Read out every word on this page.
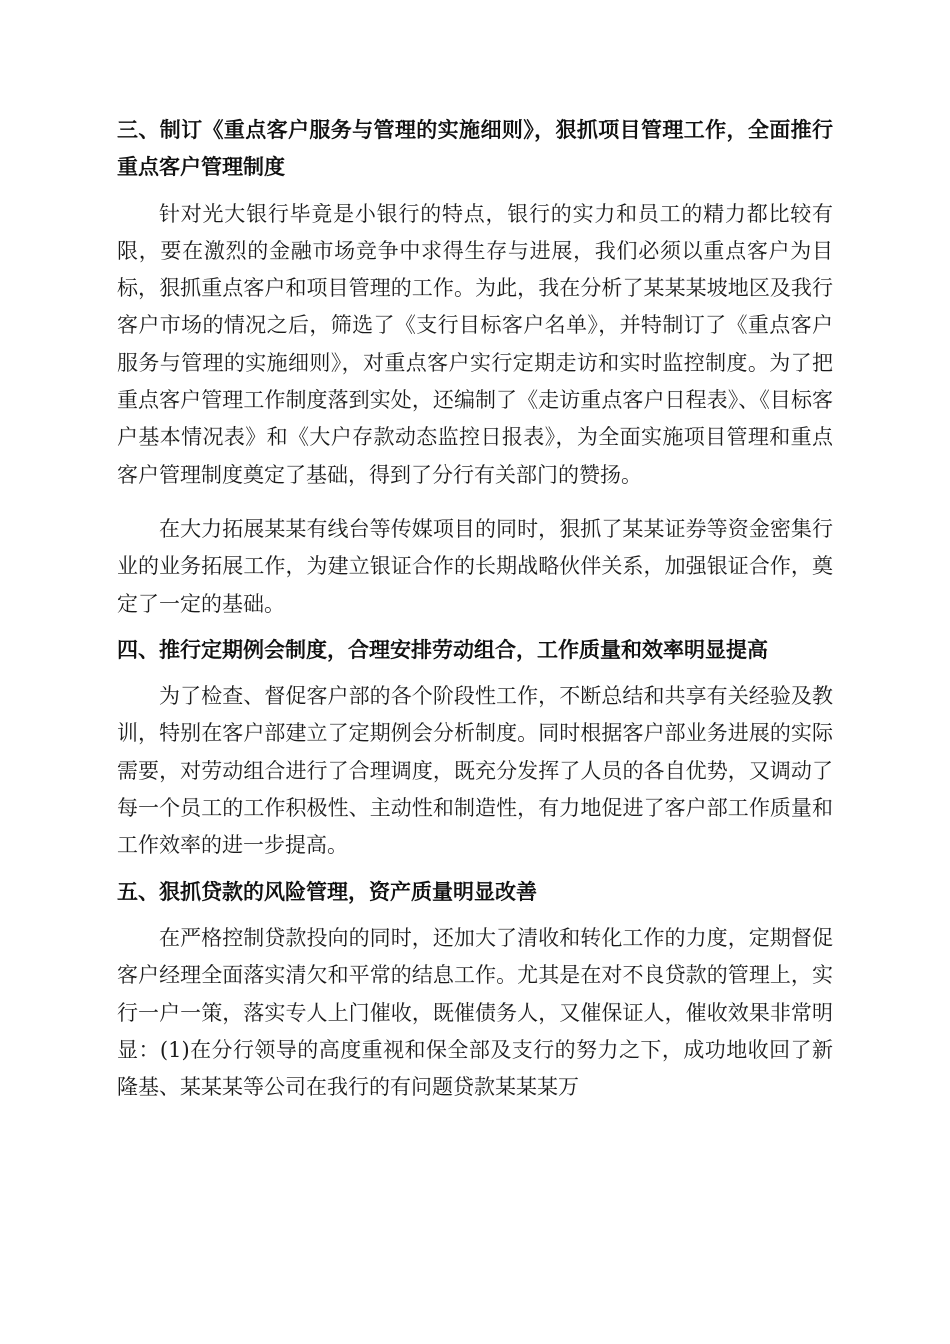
三、制订《重点客户服务与管理的实施细则》，狠抓项目管理工作，全面推行重点客户管理制度

针对光大银行毕竟是小银行的特点，银行的实力和员工的精力都比较有限，要在激烈的金融市场竞争中求得生存与进展，我们必须以重点客户为目标，狠抓重点客户和项目管理的工作。为此，我在分析了某某某坡地区及我行客户市场的情况之后，筛选了《支行目标客户名单》，并特制订了《重点客户服务与管理的实施细则》，对重点客户实行定期走访和实时监控制度。为了把重点客户管理工作制度落到实处，还编制了《走访重点客户日程表》、《目标客户基本情况表》和《大户存款动态监控日报表》，为全面实施项目管理和重点客户管理制度奠定了基础，得到了分行有关部门的赞扬。

在大力拓展某某有线台等传媒项目的同时，狠抓了某某证券等资金密集行业的业务拓展工作，为建立银证合作的长期战略伙伴关系，加强银证合作，奠定了一定的基础。

四、推行定期例会制度，合理安排劳动组合，工作质量和效率明显提高

为了检查、督促客户部的各个阶段性工作，不断总结和共享有关经验及教训，特别在客户部建立了定期例会分析制度。同时根据客户部业务进展的实际需要，对劳动组合进行了合理调度，既充分发挥了人员的各自优势，又调动了每一个员工的工作积极性、主动性和制造性，有力地促进了客户部工作质量和工作效率的进一步提高。

五、狠抓贷款的风险管理，资产质量明显改善

在严格控制贷款投向的同时，还加大了清收和转化工作的力度，定期督促客户经理全面落实清欠和平常的结息工作。尤其是在对不良贷款的管理上，实行一户一策，落实专人上门催收，既催债务人，又催保证人，催收效果非常明显：(1)在分行领导的高度重视和保全部及支行的努力之下，成功地收回了新隆基、某某某等公司在我行的有问题贷款某某某万
